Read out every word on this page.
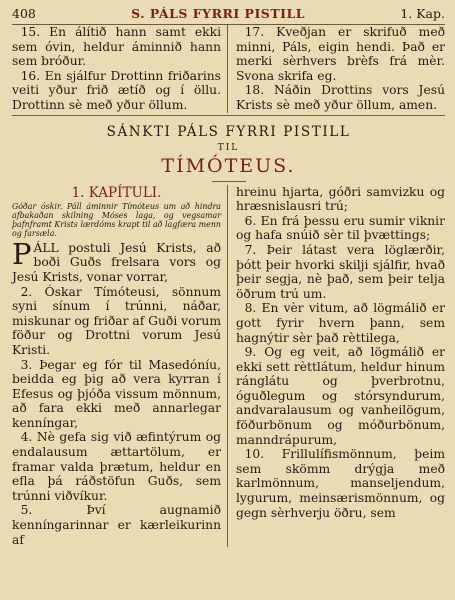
408	S. PÁLS FYRRI PISTILL	1. Kap.

15. En álítið hann samt ekki sem óvin, heldur áminnið hann sem bróður.

16. En sjálfur Drottinn friðarins veiti yður frið ætíð og í öllu. Drottinn sè með yður öllum.

17. Kveðjan er skrifuð með minni, Páls, eigin hendi. Það er merki sèrhvers brèfs frá mèr. Svona skrifa eg.

18. Náðin Drottins vors Jesú Krists sè með yður öllum, amen.

SÁNKTI PÁLS FYRRI PISTILL
TIL
TÍMÓTEUS.

1. KAPÍTULI.

Góðar óskir. Páll áminnir Tímóteus um að hindra afbakaðan skilning Móses laga, og vegsamar þafnframt Krists lærdóms krapt til að lagfæra menn og farsæla.

PÁLL postuli Jesú Krists, að boði Guðs frelsara vors og Jesú Krists, vonar vorrar,

2. Óskar Tímóteusi, sönnum syni sínum í trúnni, náðar, miskunar og friðar af Guði vorum föður og Drottni vorum Jesú Kristi.

3. Þegar eg fór til Masedóníu, beidda eg þig að vera kyrran í Efesus og þjóða vissum mönnum, að fara ekki með annarlegar kenníngar,

4. Nè gefa sig við æfintýrum og endalausum ættartölum, er framar valda þrætum, heldur en efla þá ráðstöfun Guðs, sem trúnni viðvíkur.

5. Því augnamið kenníngarinnar er kærleikurinn af

hreinu hjarta, góðri samvizku og hræsnislausri trú;

6. En frá þessu eru sumir viknir og hafa snúið sèr til þvættings;

7. Þeir látast vera löglærðir, þótt þeir hvorki skilji sjálfir, hvað þeir segja, nè það, sem þeir telja öðrum trú um.

8. En vèr vitum, að lögmálið er gott fyrir hvern þann, sem hagnýtir sèr það rèttilega,

9. Og eg veit, að lögmálið er ekki sett rèttlátum, heldur hinum ránglátu og þverbrotnu, óguðlegum og stórsyndurum, andvaralausum og vanheilögum, föðurbönum og móðurbönum, manndrápurum,

10. Frillulífismönnum, þeim sem skömm drýgja með karlmönnum, manseljendum, lygurum, meinsærismönnum, og gegn sèrhverju öðru, sem
